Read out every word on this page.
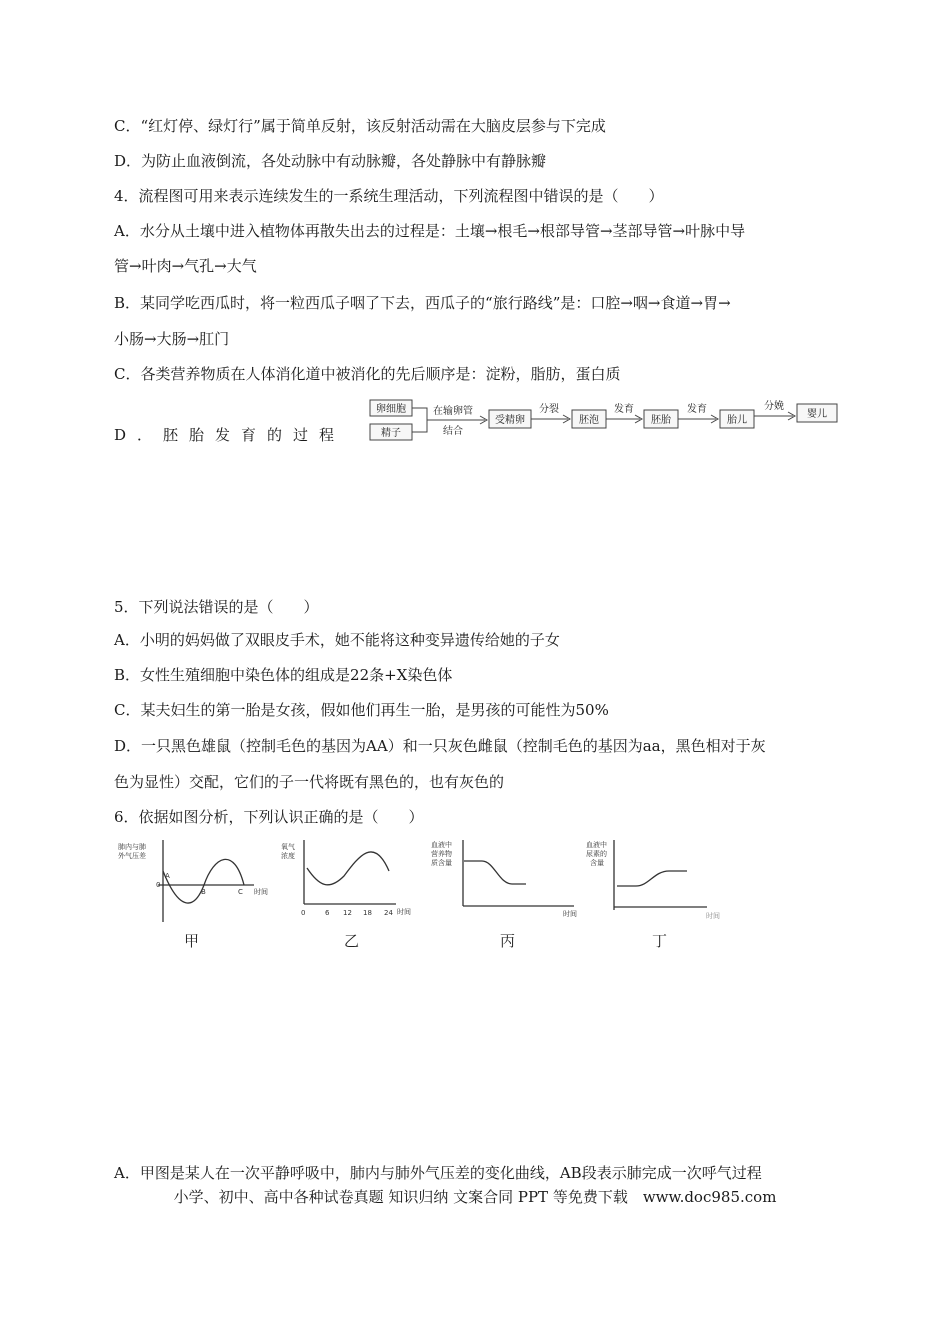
C．“红灯停、绿灯行”属于简单反射，该反射活动需在大脑皮层参与下完成
D．为防止血液倒流，各处动脉中有动脉瓣，各处静脉中有静脉瓣
4．流程图可用来表示连续发生的一系统生理活动，下列流程图中错误的是（　　）
A．水分从土壤中进入植物体再散失出去的过程是：土壤→根毛→根部导管→茎部导管→叶脉中导
管→叶肉→气孔→大气
B．某同学吃西瓜时，将一粒西瓜子咽了下去，西瓜子的“旅行路线”是：口腔→咽→食道→胃→
小肠→大肠→肛门
C．各类营养物质在人体消化道中被消化的先后顺序是：淀粉，脂肪，蛋白质
D．胚胎发育的过程
卵细胞
精子
在输卵管
结合
受精卵
分裂
胚泡
发育
胚胎
发育
胎儿
分娩
婴儿
5．下列说法错误的是（　　）
A．小明的妈妈做了双眼皮手术，她不能将这种变异遗传给她的子女
B．女性生殖细胞中染色体的组成是22条+X染色体
C．某夫妇生的第一胎是女孩，假如他们再生一胎，是男孩的可能性为50%
D．一只黑色雄鼠（控制毛色的基因为AA）和一只灰色雌鼠（控制毛色的基因为aa，黑色相对于灰
色为显性）交配，它们的子一代将既有黑色的，也有灰色的
6．依据如图分析，下列认识正确的是（　　）
肺内与肺
外气压差
0
A
B	C 时间
氧气
浓度
0	6 12 18 24 时间
血液中
营养物
质含量
时间
血液中
尿素的
含量
时间
甲	乙	丙	丁
A．甲图是某人在一次平静呼吸中，肺内与肺外气压差的变化曲线，AB段表示肺完成一次呼气过程
小学、初中、高中各种试卷真题 知识归纳 文案合同 PPT 等免费下载　www.doc985.com
